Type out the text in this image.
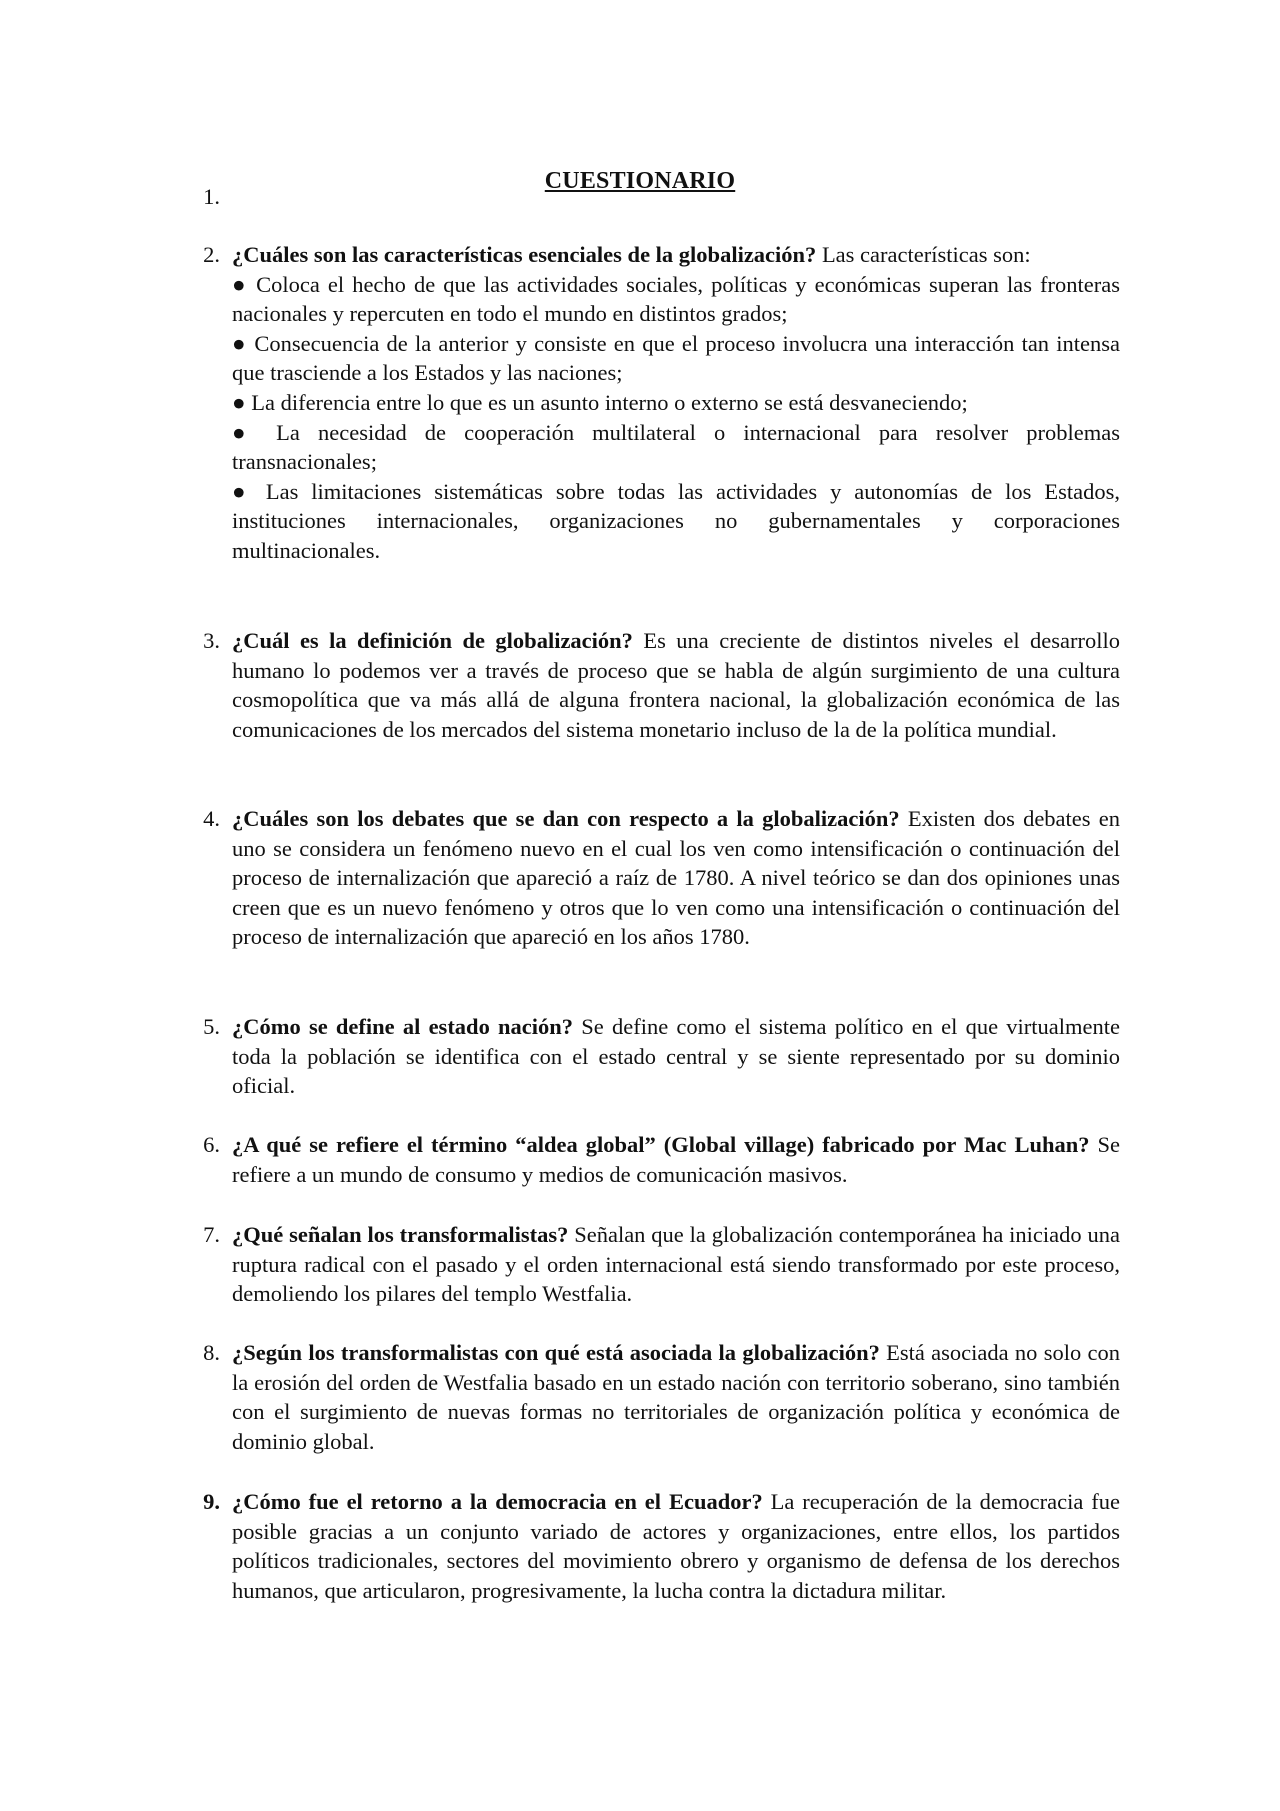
CUESTIONARIO
1.
2. ¿Cuáles son las características esenciales de la globalización? Las características son:
● Coloca el hecho de que las actividades sociales, políticas y económicas superan las fronteras nacionales y repercuten en todo el mundo en distintos grados;
● Consecuencia de la anterior y consiste en que el proceso involucra una interacción tan intensa que trasciende a los Estados y las naciones;
● La diferencia entre lo que es un asunto interno o externo se está desvaneciendo;
● La necesidad de cooperación multilateral o internacional para resolver problemas transnacionales;
● Las limitaciones sistemáticas sobre todas las actividades y autonomías de los Estados, instituciones internacionales, organizaciones no gubernamentales y corporaciones multinacionales.
3. ¿Cuál es la definición de globalización? Es una creciente de distintos niveles el desarrollo humano lo podemos ver a través de proceso que se habla de algún surgimiento de una cultura cosmopolítica que va más allá de alguna frontera nacional, la globalización económica de las comunicaciones de los mercados del sistema monetario incluso de la de la política mundial.
4. ¿Cuáles son los debates que se dan con respecto a la globalización? Existen dos debates en uno se considera un fenómeno nuevo en el cual los ven como intensificación o continuación del proceso de internalización que apareció a raíz de 1780. A nivel teórico se dan dos opiniones unas creen que es un nuevo fenómeno y otros que lo ven como una intensificación o continuación del proceso de internalización que apareció en los años 1780.
5. ¿Cómo se define al estado nación? Se define como el sistema político en el que virtualmente toda la población se identifica con el estado central y se siente representado por su dominio oficial.
6. ¿A qué se refiere el término “aldea global” (Global village) fabricado por Mac Luhan? Se refiere a un mundo de consumo y medios de comunicación masivos.
7. ¿Qué señalan los transformalistas? Señalan que la globalización contemporánea ha iniciado una ruptura radical con el pasado y el orden internacional está siendo transformado por este proceso, demoliendo los pilares del templo Westfalia.
8. ¿Según los transformalistas con qué está asociada la globalización? Está asociada no solo con la erosión del orden de Westfalia basado en un estado nación con territorio soberano, sino también con el surgimiento de nuevas formas no territoriales de organización política y económica de dominio global.
9. ¿Cómo fue el retorno a la democracia en el Ecuador? La recuperación de la democracia fue posible gracias a un conjunto variado de actores y organizaciones, entre ellos, los partidos políticos tradicionales, sectores del movimiento obrero y organismo de defensa de los derechos humanos, que articularon, progresivamente, la lucha contra la dictadura militar.
